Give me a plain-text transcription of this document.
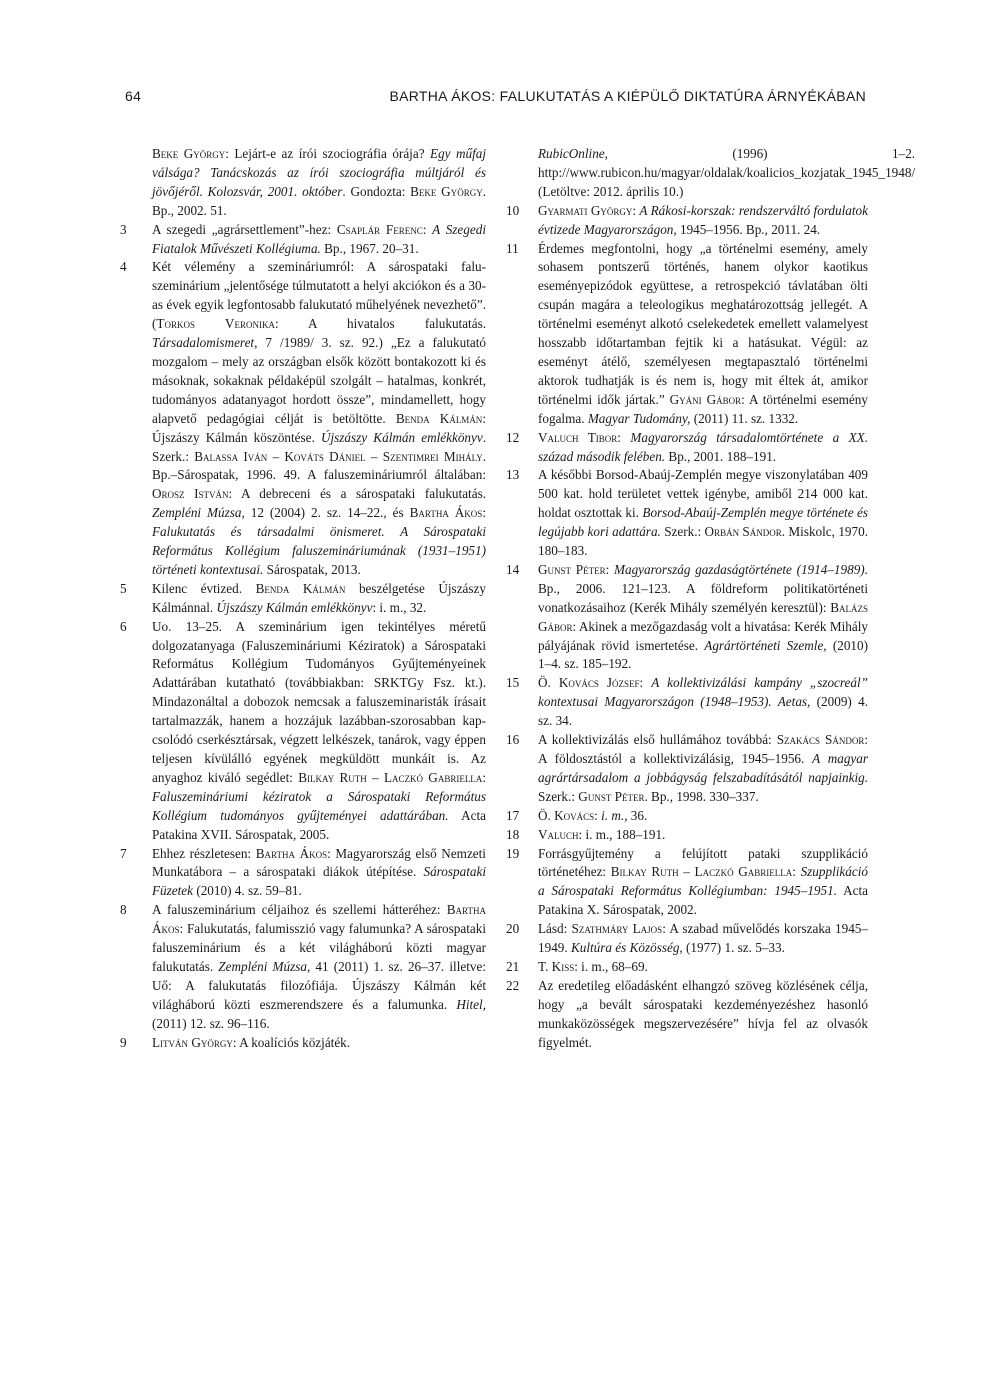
64	BARTHA ÁKOS: FALUKUTATÁS A KIÉPÜLŐ DIKTATÚRA ÁRNYÉKÁBAN
Beke György: Lejárt-e az írói szociográfia órája? Egy műfaj válsága? Tanácskozás az írói szociográfia múltjáról és jövőjéről. Kolozsvár, 2001. október. Gondozta: Beke György. Bp., 2002. 51.
3	A szegedi „agrársettlement”-hez: Csaplár Ferenc: A Szegedi Fiatalok Művészeti Kollégiuma. Bp., 1967. 20–31.
4	Két vélemény a szemináriumról: A sárospataki faluszeminárium „jelentősége túlmutatott a helyi akciókon és a 30-as évek egyik legfontosabb falukutató műhelyének nevezhető”. (Torkos Veronika: A hivatalos falukutatás. Társadalomismeret, 7 /1989/ 3. sz. 92.) „Ez a falukutató mozgalom – mely az országban elsők között bontakozott ki és másoknak, sokaknak példaképül szolgált – hatalmas, konkrét, tudományos adatanyagot hordott össze”, mindamellett, hogy alapvető pedagógiai célját is betöltötte. Benda Kálmán: Újszászy Kálmán köszöntése. Újszászy Kálmán emlékkönyv. Szerk.: Balassa Iván – Kováts Dániel – Szentimrei Mihály. Bp.–Sárospatak, 1996. 49. A faluszemináriumról általában: Orosz István: A debreceni és a sárospataki falukutatás. Zempléni Múzsa, 12 (2004) 2. sz. 14–22., és Bartha Ákos: Falukutatás és társadalmi önismeret. A Sárospataki Református Kollégium faluszemináriumának (1931–1951) történeti kontextusai. Sárospatak, 2013.
5	Kilenc évtized. Benda Kálmán beszélgetése Újszászy Kálmánnal. Újszászy Kálmán emlékkönyv: i. m., 32.
6	Uo. 13–25. A szeminárium igen tekintélyes méretű dolgozatanyaga (Faluszemináriumi Kéziratok) a Sárospataki Református Kollégium Tudományos Gyűjteményeinek Adattárában kutatható (továbbiakban: SRKTGy Fsz. kt.). Mindazonáltal a dobozok nemcsak a faluszeminaristák írásait tartalmazzák, hanem a hozzájuk lazábban-szorosabban kapcsolódó cserkésztársak, végzett lelkészek, tanárok, vagy éppen teljesen kívülálló egyének megküldött munkáit is. Az anyaghoz kiváló segédlet: Bilkay Ruth – Laczkó Gabriella: Faluszemináriumi kéziratok a Sárospataki Református Kollégium tudományos gyűjteményei adattárában. Acta Patakina XVII. Sárospatak, 2005.
7	Ehhez részletesen: Bartha Ákos: Magyarország első Nemzeti Munkatábora – a sárospataki diákok útépítése. Sárospataki Füzetek (2010) 4. sz. 59–81.
8	A faluszeminárium céljaihoz és szellemi hátteréhez: Bartha Ákos: Falukutatás, falumisszió vagy falumunka? A sárospataki faluszeminárium és a két világháború közti magyar falukutatás. Zempléni Múzsa, 41 (2011) 1. sz. 26–37. illetve: Uő: A falukutatás filozófiája. Újszászy Kálmán két világháború közti eszmerendszere és a falumunka. Hitel, (2011) 12. sz. 96–116.
9	Litván György: A koalíciós közjáték.
RubicOnline, (1996) 1–2. http://www.rubicon.hu/magyar/oldalak/koalicios_kozjatak_1945_1948/ (Letöltve: 2012. április 10.)
10	Gyarmati György: A Rákosi-korszak: rendszerváltó fordulatok évtizede Magyarországon, 1945–1956. Bp., 2011. 24.
11	Érdemes megfontolni, hogy „a történelmi esemény, amely sohasem pontszerű történés, hanem olykor kaotikus eseményepizódok együttese, a retrospekció távlatában ölti csupán magára a teleologikus meghatározottság jellegét. A történelmi eseményt alkotó cselekedetek emellett valamelyest hosszabb időtartamban fejtik ki a hatásukat. Végül: az eseményt átélő, személyesen megtapasztaló történelmi aktorok tudhatják is és nem is, hogy mit éltek át, amikor történelmi idők jártak.” Gyáni Gábor: A történelmi esemény fogalma. Magyar Tudomány, (2011) 11. sz. 1332.
12	Valuch Tibor: Magyarország társadalomtörténete a XX. század második felében. Bp., 2001. 188–191.
13	A későbbi Borsod-Abaúj-Zemplén megye viszonylatában 409 500 kat. hold területet vettek igénybe, amiből 214 000 kat. holdat osztottak ki. Borsod-Abaúj-Zemplén megye története és legújabb kori adattára. Szerk.: Orbán Sándor. Miskolc, 1970. 180–183.
14	Gunst Péter: Magyarország gazdaságtörténete (1914–1989). Bp., 2006. 121–123. A földreform politikatörténeti vonatkozásaihoz (Kerék Mihály személyén keresztül): Balázs Gábor: Akinek a mezőgazdaság volt a hivatása: Kerék Mihály pályájának rövid ismertetése. Agrártörténeti Szemle, (2010) 1–4. sz. 185–192.
15	Ö. Kovács József: A kollektivizálási kampány „szocreál” kontextusai Magyarországon (1948–1953). Aetas, (2009) 4. sz. 34.
16	A kollektivizálás első hullámához továbbá: Szakács Sándor: A földosztástól a kollektivizálásig, 1945–1956. A magyar agrártársadalom a jobbágyság felszabadításától napjainkig. Szerk.: Gunst Péter. Bp., 1998. 330–337.
17	Ö. Kovács: i. m., 36.
18	Valuch: i. m., 188–191.
19	Forrásgyűjtemény a felújított pataki szupplikáció történetéhez: Bilkay Ruth – Laczkó Gabriella: Szupplikáció a Sárospataki Református Kollégiumban: 1945–1951. Acta Patakina X. Sárospatak, 2002.
20	Lásd: Szathmáry Lajos: A szabad művelődés korszaka 1945–1949. Kultúra és Közösség, (1977) 1. sz. 5–33.
21	T. Kiss: i. m., 68–69.
22	Az eredetileg előadásként elhangzó szöveg közlésének célja, hogy „a bevált sárospataki kezdeményezéshez hasonló munkaközösségek megszervezésére” hívja fel az olvasók figyelmét.
